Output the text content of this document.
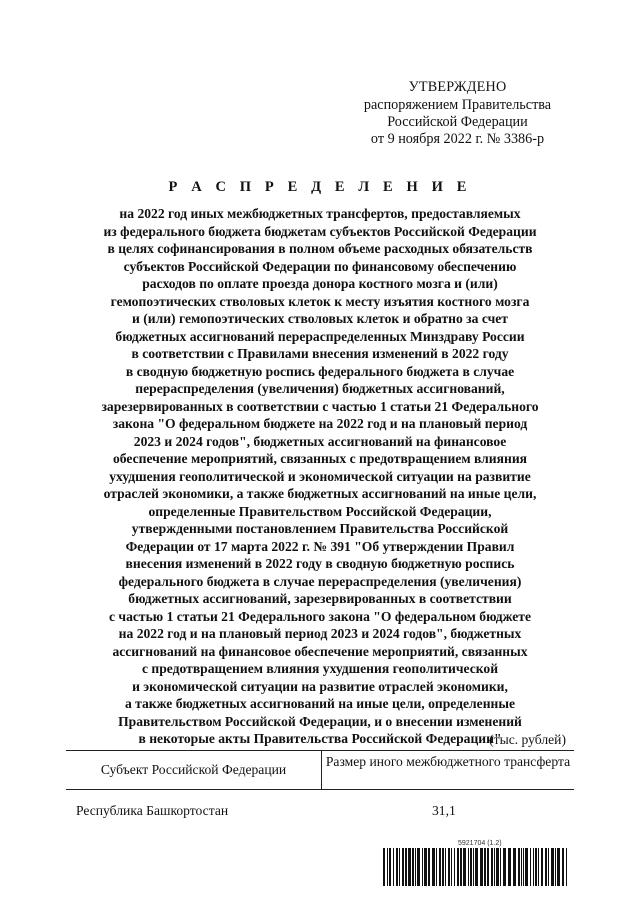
УТВЕРЖДЕНО
распоряжением Правительства
Российской Федерации
от 9 ноября 2022 г. № 3386-р
Р А С П Р Е Д Е Л Е Н И Е
на 2022 год иных межбюджетных трансфертов, предоставляемых
из федерального бюджета бюджетам субъектов Российской Федерации
в целях софинансирования в полном объеме расходных обязательств
субъектов Российской Федерации по финансовому обеспечению
расходов по оплате проезда донора костного мозга и (или)
гемопоэтических стволовых клеток к месту изъятия костного мозга
и (или) гемопоэтических стволовых клеток и обратно за счет
бюджетных ассигнований перераспределенных Минздраву России
в соответствии с Правилами внесения изменений в 2022 году
в сводную бюджетную роспись федерального бюджета в случае
перераспределения (увеличения) бюджетных ассигнований,
зарезервированных в соответствии с частью 1 статьи 21 Федерального
закона "О федеральном бюджете на 2022 год и на плановый период
2023 и 2024 годов", бюджетных ассигнований на финансовое
обеспечение мероприятий, связанных с предотвращением влияния
ухудшения геополитической и экономической ситуации на развитие
отраслей экономики, а также бюджетных ассигнований на иные цели,
определенные Правительством Российской Федерации,
утвержденными постановлением Правительства Российской
Федерации от 17 марта 2022 г. № 391 "Об утверждении Правил
внесения изменений в 2022 году в сводную бюджетную роспись
федерального бюджета в случае перераспределения (увеличения)
бюджетных ассигнований, зарезервированных в соответствии
с частью 1 статьи 21 Федерального закона "О федеральном бюджете
на 2022 год и на плановый период 2023 и 2024 годов", бюджетных
ассигнований на финансовое обеспечение мероприятий, связанных
с предотвращением влияния ухудшения геополитической
и экономической ситуации на развитие отраслей экономики,
а также бюджетных ассигнований на иные цели, определенные
Правительством Российской Федерации, и о внесении изменений
в некоторые акты Правительства Российской Федерации"
(тыс. рублей)
Субъект Российской Федерации
Размер иного межбюджетного трансферта
Республика Башкортостан	31,1
5921704 (1.2)
